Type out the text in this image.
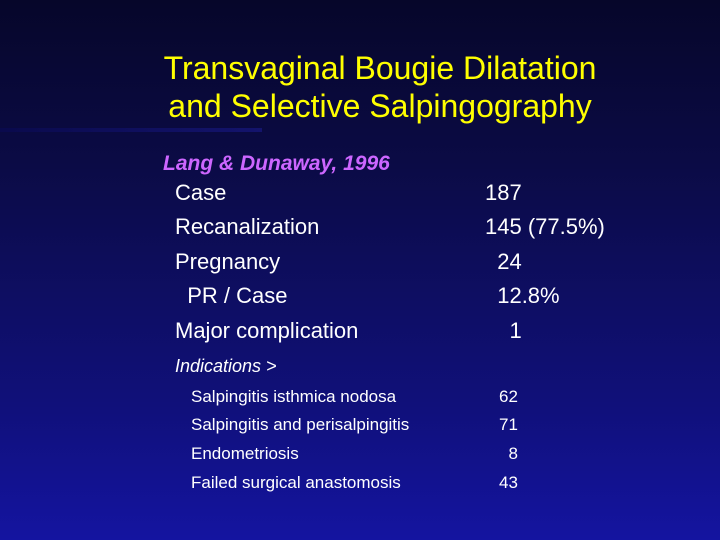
Transvaginal Bougie Dilatation
and Selective Salpingography
Lang & Dunaway, 1996
Case	187
Recanalization	145 (77.5%)
Pregnancy	24
PR / Case	12.8%
Major complication	1
Indications >
Salpingitis isthmica nodosa	62
Salpingitis and perisalpingitis	71
Endometriosis	8
Failed surgical anastomosis	43
